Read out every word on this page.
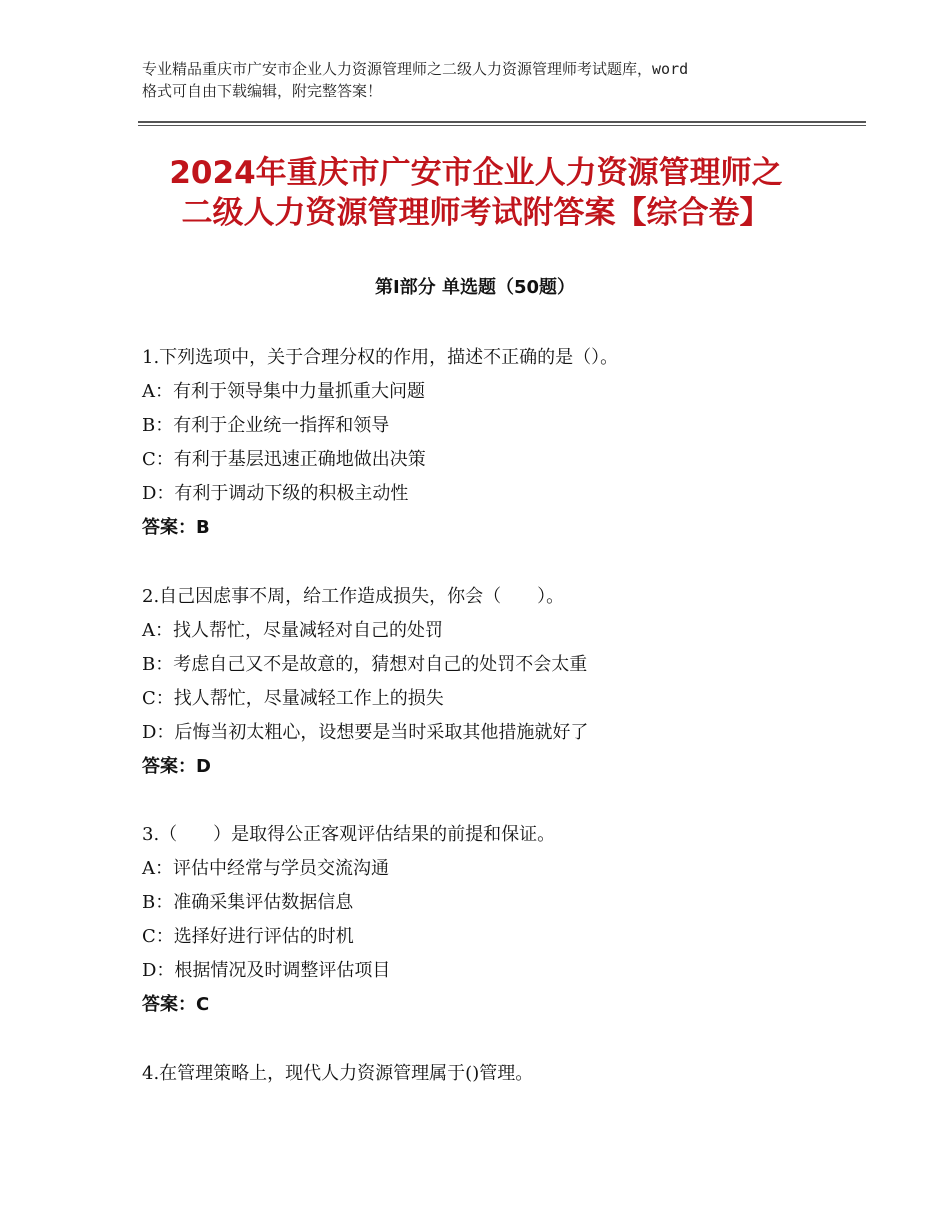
专业精品重庆市广安市企业人力资源管理师之二级人力资源管理师考试题库，word
格式可自由下载编辑，附完整答案！
2024年重庆市广安市企业人力资源管理师之
二级人力资源管理师考试附答案【综合卷】
第Ⅰ部分 单选题（50题）
1.下列选项中，关于合理分权的作用，描述不正确的是（）。
A：有利于领导集中力量抓重大问题
B：有利于企业统一指挥和领导
C：有利于基层迅速正确地做出决策
D：有利于调动下级的积极主动性
答案：B
2.自己因虑事不周，给工作造成损失，你会（　　）。
A：找人帮忙，尽量减轻对自己的处罚
B：考虑自己又不是故意的，猜想对自己的处罚不会太重
C：找人帮忙，尽量减轻工作上的损失
D：后悔当初太粗心，设想要是当时采取其他措施就好了
答案：D
3.（　　）是取得公正客观评估结果的前提和保证。
A：评估中经常与学员交流沟通
B：准确采集评估数据信息
C：选择好进行评估的时机
D：根据情况及时调整评估项目
答案：C
4.在管理策略上，现代人力资源管理属于()管理。
